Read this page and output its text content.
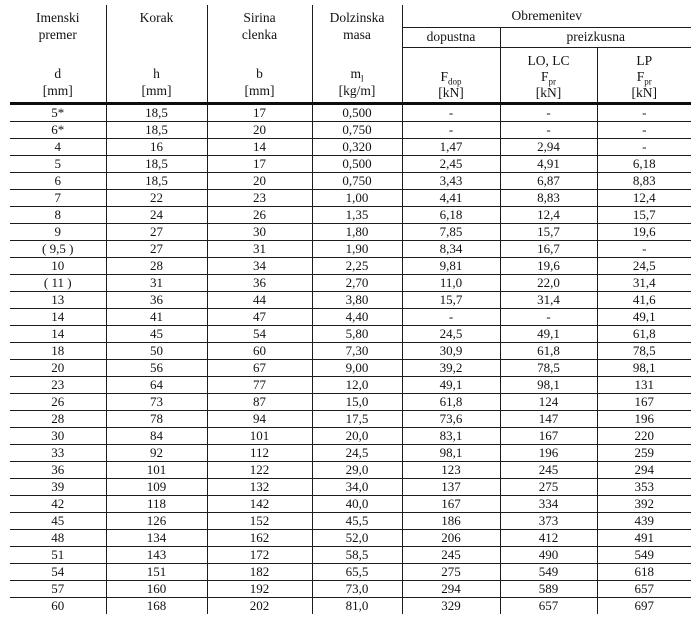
Imenski premer
d
[mm]	Korak
h
[mm]	Sirina clenka
b
[mm]	Dolzinska masa
$m_l$
[kg/m]	Obremenitev		
				dopustna	preizkusna	

				$F_{dop}$
[kN]	LO, LC
$F_{pr}$
[kN]	LP
$F_{pr}$
[kN]

5*	18,5	17	0,500	-	-	-
6*	18,5	20	0,750	-	-	-
4	16	14	0,320	1,47	2,94	-
5	18,5	17	0,500	2,45	4,91	6,18
6	18,5	20	0,750	3,43	6,87	8,83
7	22	23	1,00	4,41	8,83	12,4
8	24	26	1,35	6,18	12,4	15,7
9	27	30	1,80	7,85	15,7	19,6
( 9,5 )	27	31	1,90	8,34	16,7	-
10	28	34	2,25	9,81	19,6	24,5
( 11 )	31	36	2,70	11,0	22,0	31,4
13	36	44	3,80	15,7	31,4	41,6
14	41	47	4,40	-	-	49,1
14	45	54	5,80	24,5	49,1	61,8
18	50	60	7,30	30,9	61,8	78,5
20	56	67	9,00	39,2	78,5	98,1
23	64	77	12,0	49,1	98,1	131
26	73	87	15,0	61,8	124	167
28	78	94	17,5	73,6	147	196
30	84	101	20,0	83,1	167	220
33	92	112	24,5	98,1	196	259
36	101	122	29,0	123	245	294
39	109	132	34,0	137	275	353
42	118	142	40,0	167	334	392
45	126	152	45,5	186	373	439
48	134	162	52,0	206	412	491
51	143	172	58,5	245	490	549
54	151	182	65,5	275	549	618
57	160	192	73,0	294	589	657
60	168	202	81,0	329	657	697
